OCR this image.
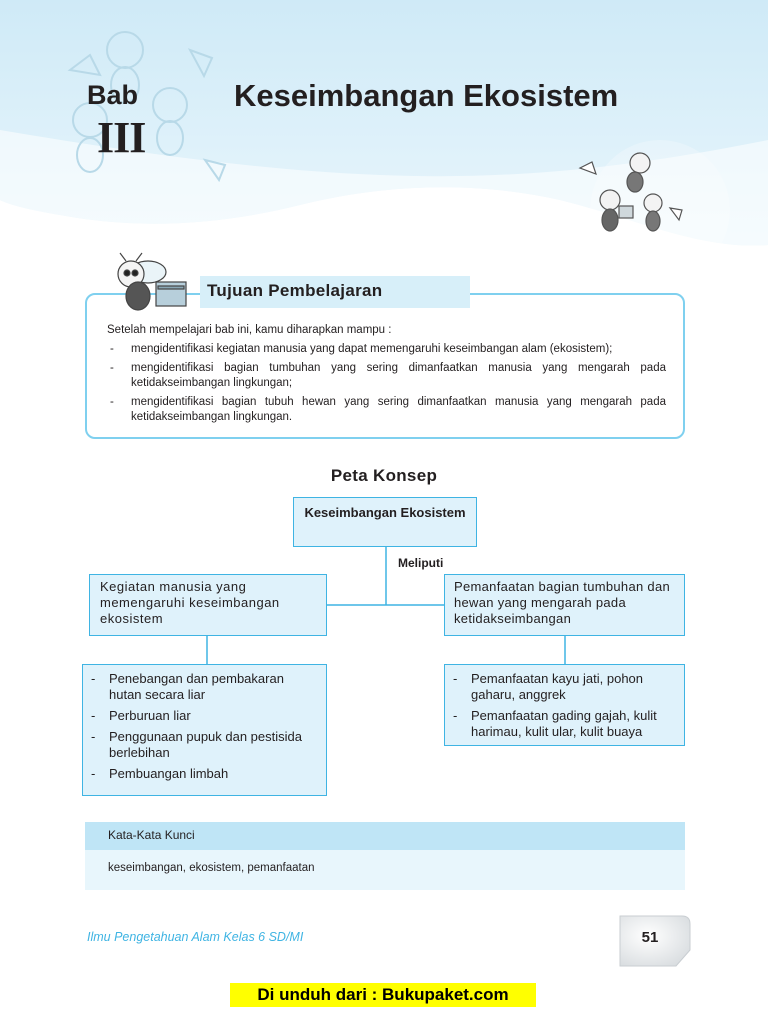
Bab
III
Keseimbangan Ekosistem
Tujuan Pembelajaran
Setelah mempelajari bab ini, kamu diharapkan mampu :
- mengidentifikasi kegiatan manusia yang dapat memengaruhi keseimbangan alam (ekosistem);
- mengidentifikasi bagian tumbuhan yang sering dimanfaatkan manusia yang mengarah pada ketidakseimbangan lingkungan;
- mengidentifikasi bagian tubuh hewan yang sering dimanfaatkan manusia yang mengarah pada ketidakseimbangan lingkungan.
Peta Konsep
Keseimbangan Ekosistem
Meliputi
Kegiatan manusia yang memengaruhi keseimbangan ekosistem
Pemanfaatan bagian tumbuhan dan hewan yang mengarah pada ketidakseimbangan
- Penebangan dan pembakaran hutan secara liar
- Perburuan liar
- Penggunaan pupuk dan pestisida berlebihan
- Pembuangan limbah
- Pemanfaatan kayu jati, pohon gaharu, anggrek
- Pemanfaatan gading gajah, kulit harimau, kulit ular, kulit buaya
Kata-Kata Kunci
keseimbangan, ekosistem, pemanfaatan
Ilmu Pengetahuan Alam Kelas 6 SD/MI	51
Di unduh dari : Bukupaket.com
